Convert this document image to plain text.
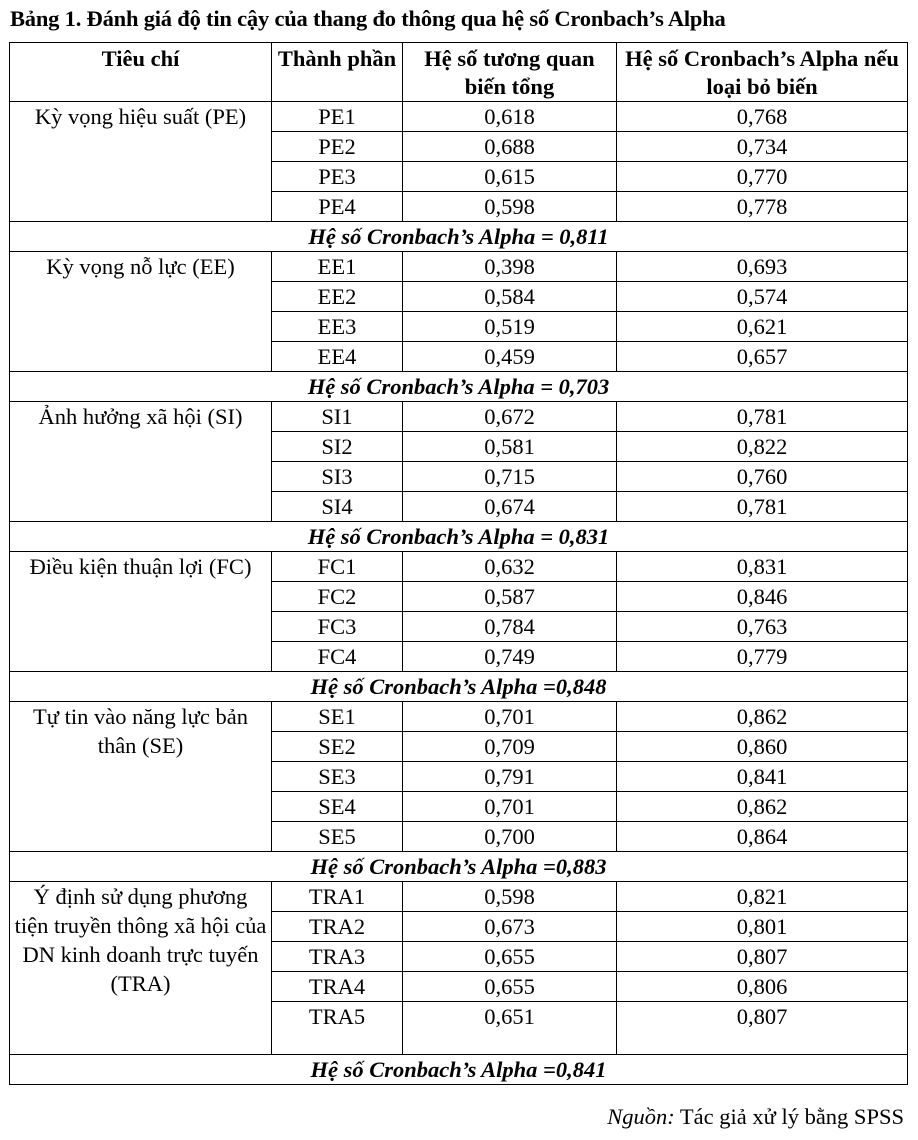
Bảng 1. Đánh giá độ tin cậy của thang đo thông qua hệ số Cronbach’s Alpha
Tiêu chí	Thành phần	Hệ số tương quan biến tổng	Hệ số Cronbach’s Alpha nếu loại bỏ biến
Kỳ vọng hiệu suất (PE)	PE1	0,618	0,768
	PE2	0,688	0,734
	PE3	0,615	0,770
	PE4	0,598	0,778
Hệ số Cronbach’s Alpha = 0,811			
Kỳ vọng nỗ lực (EE)	EE1	0,398	0,693
	EE2	0,584	0,574
	EE3	0,519	0,621
	EE4	0,459	0,657
Hệ số Cronbach’s Alpha = 0,703			
Ảnh hưởng xã hội (SI)	SI1	0,672	0,781
	SI2	0,581	0,822
	SI3	0,715	0,760
	SI4	0,674	0,781
Hệ số Cronbach’s Alpha = 0,831			
Điều kiện thuận lợi (FC)	FC1	0,632	0,831
	FC2	0,587	0,846
	FC3	0,784	0,763
	FC4	0,749	0,779
Hệ số Cronbach’s Alpha =0,848			
Tự tin vào năng lực bản thân (SE)	SE1	0,701	0,862
	SE2	0,709	0,860
	SE3	0,791	0,841
	SE4	0,701	0,862
	SE5	0,700	0,864
Hệ số Cronbach’s Alpha =0,883			
Ý định sử dụng phương tiện truyền thông xã hội của DN kinh doanh trực tuyến (TRA)	TRA1	0,598	0,821
	TRA2	0,673	0,801
	TRA3	0,655	0,807
	TRA4	0,655	0,806
	TRA5	0,651	0,807
Hệ số Cronbach’s Alpha =0,841			
Nguồn: Tác giả xử lý bằng SPSS
